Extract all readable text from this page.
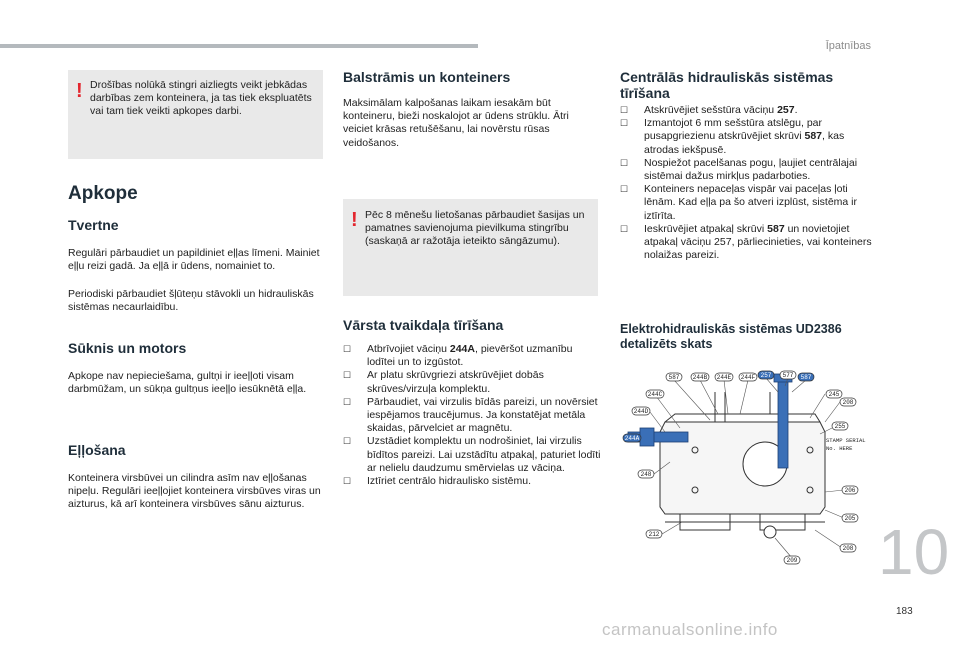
Īpatnības
! Drošības nolūkā stingri aizliegts veikt jebkādas darbības zem konteinera, ja tas tiek ekspluatēts vai tam tiek veikti apkopes darbi.
Apkope
Tvertne
Regulāri pārbaudiet un papildiniet eļļas līmeni. Mainiet eļļu reizi gadā. Ja eļļā ir ūdens, nomainiet to.
Periodiski pārbaudiet šļūteņu stāvokli un hidrauliskās sistēmas necaurlaidību.
Sūknis un motors
Apkope nav nepieciešama, gultņi ir ieeļļoti visam darbmūžam, un sūkņa gultņus ieeļļo iesūknētā eļļa.
Eļļošana
Konteinera virsbūvei un cilindra asīm nav eļļošanas nipeļu. Regulāri ieeļļojiet konteinera virsbūves viras un aizturus, kā arī konteinera virsbūves sānu aizturus.
Balstrāmis un konteiners
Maksimālam kalpošanas laikam iesakām būt konteineru, bieži noskalojot ar ūdens strūklu. Ātri veiciet krāsas retušēšanu, lai novērstu rūsas veidošanos.
! Pēc 8 mēnešu lietošanas pārbaudiet šasijas un pamatnes savienojuma pievilkuma stingrību (saskaņā ar ražotāja ieteikto sāngāzumu).
Vārsta tvaikdaļa tīrīšana
☐ Atbrīvojiet vāciņu 244A, pievēršot uzmanību lodītei un to izgūstot.
☐ Ar platu skrūvgriezi atskrūvējiet dobās skrūves/virzuļa komplektu.
☐ Pārbaudiet, vai virzulis bīdās pareizi, un novērsiet iespējamos traucējumus. Ja konstatējat metāla skaidas, pārvelciet ar magnētu.
☐ Uzstādiet komplektu un nodrošiniet, lai virzulis bīdītos pareizi. Lai uzstādītu atpakaļ, paturiet lodīti ar nelielu daudzumu smērvielas uz vāciņa.
☐ Iztīriet centrālo hidraulisko sistēmu.
Centrālās hidrauliskās sistēmas tīrīšana
☐ Atskrūvējiet sešstūra vāciņu 257.
☐ Izmantojot 6 mm sešstūra atslēgu, par pusapgriezienu atskrūvējiet skrūvi 587, kas atrodas iekšpusē.
☐ Nospiežot pacelšanas pogu, ļaujiet centrālajai sistēmai dažus mirkļus padarboties.
☐ Konteiners nepaceļas vispār vai paceļas ļoti lēnām. Kad eļļa pa šo atveri izplūst, sistēma ir iztīrīta.
☐ Ieskrūvējiet atpakaļ skrūvi 587 un novietojiet atpakaļ vāciņu 257, pārliecinieties, vai konteiners nolaižas pareizi.
Elektrohidrauliskās sistēmas UD2386 detalizēts skats
587 244B 244E 244F 257 577 587
244C
244D
244A
248
212
245
208
255
206
205
208
209
STAMP SERIAL
No. HERE
10
183
carmanualsonline.info
